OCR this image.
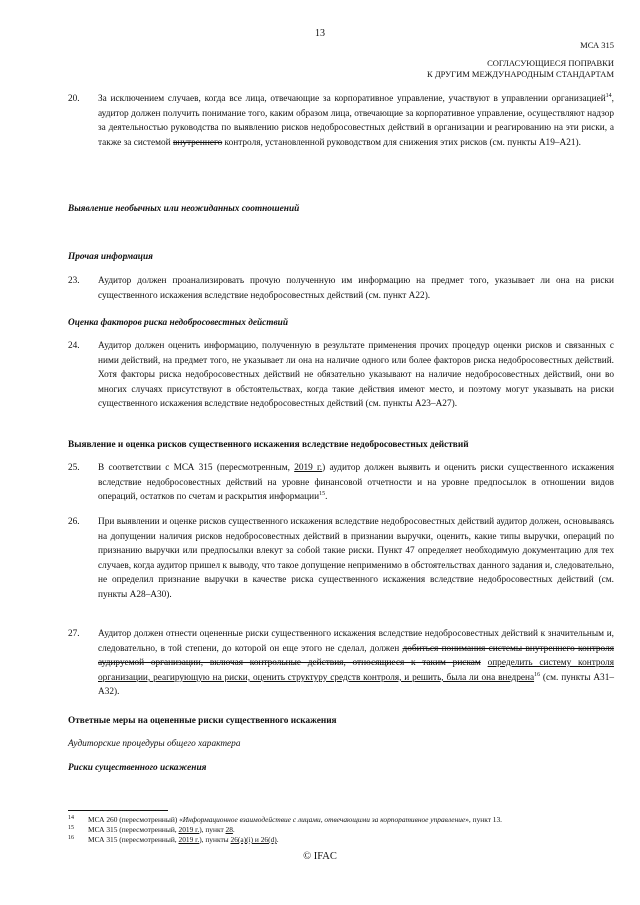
13
МСА 315
СОГЛАСУЮЩИЕСЯ ПОПРАВКИ
К ДРУГИМ МЕЖДУНАРОДНЫМ СТАНДАРТАМ
20. За исключением случаев, когда все лица, отвечающие за корпоративное управление, участвуют в управлении организацией$^{14}$, аудитор должен получить понимание того, каким образом лица, отвечающие за корпоративное управление, осуществляют надзор за деятельностью руководства по выявлению рисков недобросовестных действий в организации и реагированию на эти риски, а также за системой внутреннего контроля, установленной руководством для снижения этих рисков (см. пункты A19–A21).
Выявление необычных или неожиданных соотношений
Прочая информация
23. Аудитор должен проанализировать прочую полученную им информацию на предмет того, указывает ли она на риски существенного искажения вследствие недобросовестных действий (см. пункт A22).
Оценка факторов риска недобросовестных действий
24. Аудитор должен оценить информацию, полученную в результате применения прочих процедур оценки рисков и связанных с ними действий, на предмет того, не указывает ли она на наличие одного или более факторов риска недобросовестных действий. Хотя факторы риска недобросовестных действий не обязательно указывают на наличие недобросовестных действий, они во многих случаях присутствуют в обстоятельствах, когда такие действия имеют место, и поэтому могут указывать на риски существенного искажения вследствие недобросовестных действий (см. пункты A23–A27).
Выявление и оценка рисков существенного искажения вследствие недобросовестных действий
25. В соответствии с МСА 315 (пересмотренным, 2019 г.) аудитор должен выявить и оценить риски существенного искажения вследствие недобросовестных действий на уровне финансовой отчетности и на уровне предпосылок в отношении видов операций, остатков по счетам и раскрытия информации$^{15}$.
26. При выявлении и оценке рисков существенного искажения вследствие недобросовестных действий аудитор должен, основываясь на допущении наличия рисков недобросовестных действий в признании выручки, оценить, какие типы выручки, операций по признанию выручки или предпосылки влекут за собой такие риски. Пункт 47 определяет необходимую документацию для тех случаев, когда аудитор пришел к выводу, что такое допущение неприменимо в обстоятельствах данного задания и, следовательно, не определил признание выручки в качестве риска существенного искажения вследствие недобросовестных действий (см. пункты A28–A30).
27. Аудитор должен отнести оцененные риски существенного искажения вследствие недобросовестных действий к значительным и, следовательно, в той степени, до которой он еще этого не сделал, должен добиться понимания системы внутреннего контроля аудируемой организации, включая контрольные действия, относящиеся к таким рискам определить систему контроля организации, реагирующую на риски, оценить структуру средств контроля, и решить, была ли она внедрена$^{16}$ (см. пункты A31–A32).
Ответные меры на оцененные риски существенного искажения
Аудиторские процедуры общего характера
Риски существенного искажения
14 МСА 260 (пересмотренный) «Информационное взаимодействие с лицами, отвечающими за корпоративное управление», пункт 13.
15 МСА 315 (пересмотренный, 2019 г.), пункт 28.
16 МСА 315 (пересмотренный, 2019 г.), пункты 26(a)(i) и 26(d).
© IFAC
